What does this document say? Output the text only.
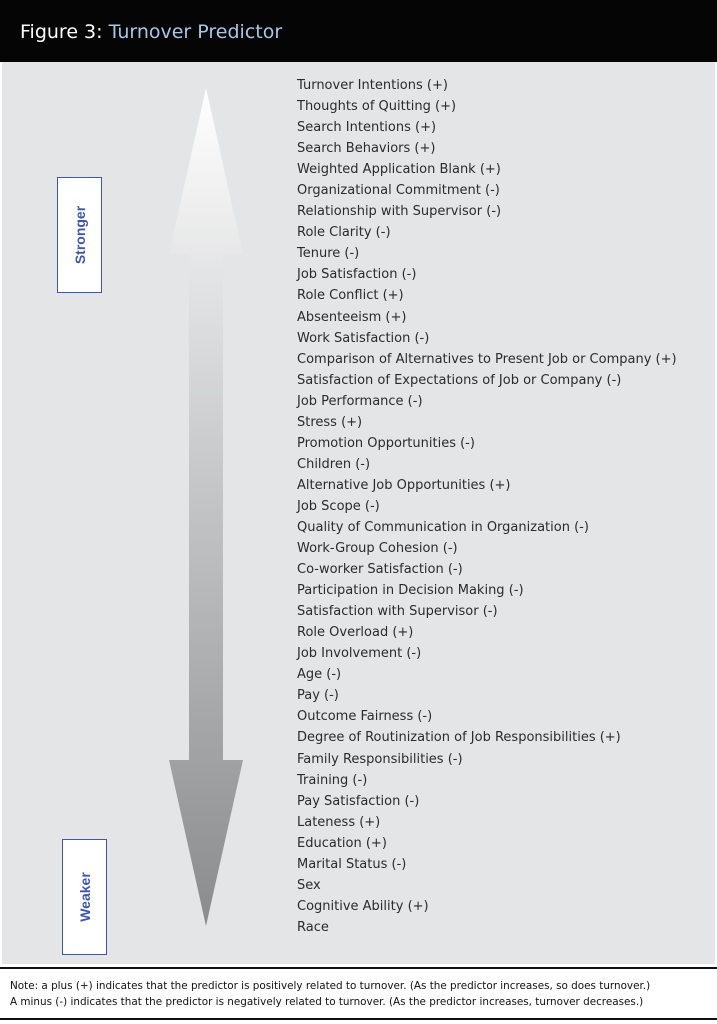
Figure 3: Turnover Predictor
Stronger
Weaker
Turnover Intentions (+)
Thoughts of Quitting (+)
Search Intentions (+)
Search Behaviors (+)
Weighted Application Blank (+)
Organizational Commitment (-)
Relationship with Supervisor (-)
Role Clarity (-)
Tenure (-)
Job Satisfaction (-)
Role Conflict (+)
Absenteeism (+)
Work Satisfaction (-)
Comparison of Alternatives to Present Job or Company (+)
Satisfaction of Expectations of Job or Company (-)
Job Performance (-)
Stress (+)
Promotion Opportunities (-)
Children (-)
Alternative Job Opportunities (+)
Job Scope (-)
Quality of Communication in Organization (-)
Work-Group Cohesion (-)
Co-worker Satisfaction (-)
Participation in Decision Making (-)
Satisfaction with Supervisor (-)
Role Overload (+)
Job Involvement (-)
Age (-)
Pay (-)
Outcome Fairness (-)
Degree of Routinization of Job Responsibilities (+)
Family Responsibilities (-)
Training (-)
Pay Satisfaction (-)
Lateness (+)
Education (+)
Marital Status (-)
Sex
Cognitive Ability (+)
Race

Note: a plus (+) indicates that the predictor is positively related to turnover. (As the predictor increases, so does turnover.)

A minus (-) indicates that the predictor is negatively related to turnover. (As the predictor increases, turnover decreases.)
